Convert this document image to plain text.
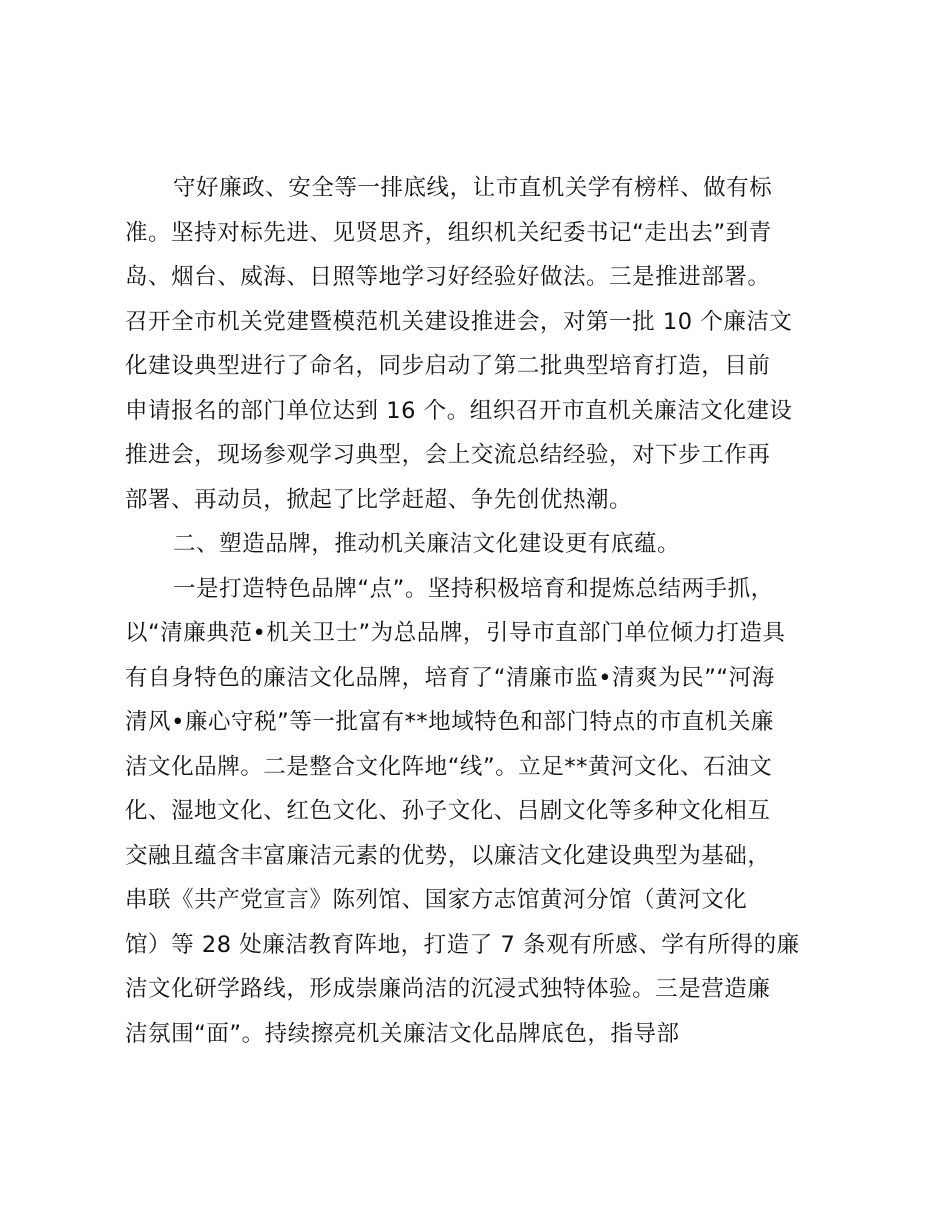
守好廉政、安全等一排底线，让市直机关学有榜样、做有标
准。坚持对标先进、见贤思齐，组织机关纪委书记“走出去”到青
岛、烟台、威海、日照等地学习好经验好做法。三是推进部署。
召开全市机关党建暨模范机关建设推进会，对第一批 10 个廉洁文
化建设典型进行了命名，同步启动了第二批典型培育打造，目前
申请报名的部门单位达到 16 个。组织召开市直机关廉洁文化建设
推进会，现场参观学习典型，会上交流总结经验，对下步工作再
部署、再动员，掀起了比学赶超、争先创优热潮。
二、塑造品牌，推动机关廉洁文化建设更有底蕴。
一是打造特色品牌“点”。坚持积极培育和提炼总结两手抓，
以“清廉典范•机关卫士”为总品牌，引导市直部门单位倾力打造具
有自身特色的廉洁文化品牌，培育了“清廉市监•清爽为民”“河海
清风•廉心守税”等一批富有**地域特色和部门特点的市直机关廉
洁文化品牌。二是整合文化阵地“线”。立足**黄河文化、石油文
化、湿地文化、红色文化、孙子文化、吕剧文化等多种文化相互
交融且蕴含丰富廉洁元素的优势，以廉洁文化建设典型为基础，
串联《共产党宣言》陈列馆、国家方志馆黄河分馆（黄河文化
馆）等 28 处廉洁教育阵地，打造了 7 条观有所感、学有所得的廉
洁文化研学路线，形成崇廉尚洁的沉浸式独特体验。三是营造廉
洁氛围“面”。持续擦亮机关廉洁文化品牌底色，指导部
